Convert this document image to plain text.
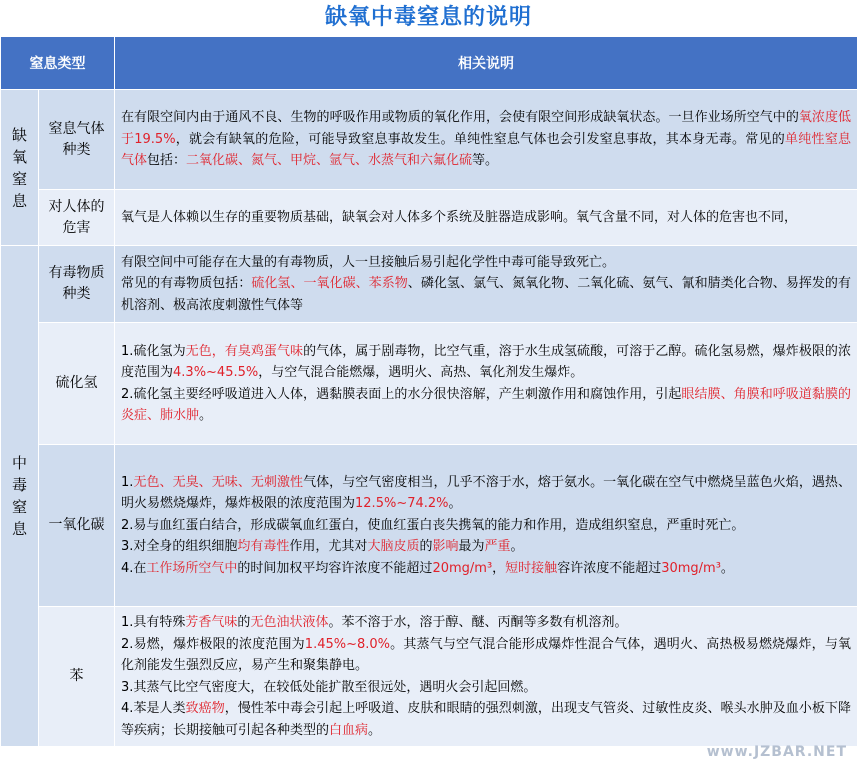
缺氧中毒窒息的说明
窒息类型		相关说明
缺氧窒息	窒息气体种类	在有限空间内由于通风不良、生物的呼吸作用或物质的氧化作用，会使有限空间形成缺氧状态。一旦作业场所空气中的氧浓度低于19.5%，就会有缺氧的危险，可能导致窒息事故发生。单纯性窒息气体也会引发窒息事故，其本身无毒。常见的单纯性窒息气体包括：二氧化碳、氮气、甲烷、氩气、水蒸气和六氟化硫等。
	对人体的危害	氧气是人体赖以生存的重要物质基础，缺氧会对人体多个系统及脏器造成影响。氧气含量不同，对人体的危害也不同，
中毒窒息	有毒物质种类	有限空间中可能存在大量的有毒物质，人一旦接触后易引起化学性中毒可能导致死亡。
常见的有毒物质包括：硫化氢、一氧化碳、苯系物、磷化氢、氯气、氮氧化物、二氧化硫、氨气、氰和腈类化合物、易挥发的有机溶剂、极高浓度刺激性气体等
	硫化氢	1.硫化氢为无色，有臭鸡蛋气味的气体，属于剧毒物，比空气重，溶于水生成氢硫酸，可溶于乙醇。硫化氢易燃，爆炸极限的浓度范围为4.3%~45.5%，与空气混合能燃爆，遇明火、高热、氧化剂发生爆炸。
2.硫化氢主要经呼吸道进入人体，遇黏膜表面上的水分很快溶解，产生刺激作用和腐蚀作用，引起眼结膜、角膜和呼吸道黏膜的炎症、肺水肿。
	一氧化碳	1.无色、无臭、无味、无刺激性气体，与空气密度相当，几乎不溶于水，熔于氨水。一氧化碳在空气中燃烧呈蓝色火焰，遇热、明火易燃烧爆炸，爆炸极限的浓度范围为12.5%~74.2%。
2.易与血红蛋白结合，形成碳氧血红蛋白，使血红蛋白丧失携氧的能力和作用，造成组织窒息，严重时死亡。
3.对全身的组织细胞均有毒性作用，尤其对大脑皮质的影响最为严重。
4.在工作场所空气中的时间加权平均容许浓度不能超过20mg/m³，短时接触容许浓度不能超过30mg/m³。
	苯	1.具有特殊芳香气味的无色油状液体。苯不溶于水，溶于醇、醚、丙酮等多数有机溶剂。
2.易燃，爆炸极限的浓度范围为1.45%~8.0%。其蒸气与空气混合能形成爆炸性混合气体，遇明火、高热极易燃烧爆炸，与氧化剂能发生强烈反应，易产生和聚集静电。
3.其蒸气比空气密度大，在较低处能扩散至很远处，遇明火会引起回燃。
4.苯是人类致癌物，慢性苯中毒会引起上呼吸道、皮肤和眼睛的强烈刺激，出现支气管炎、过敏性皮炎、喉头水肿及血小板下降等疾病；长期接触可引起各种类型的白血病。
www.JZBAR.NET
